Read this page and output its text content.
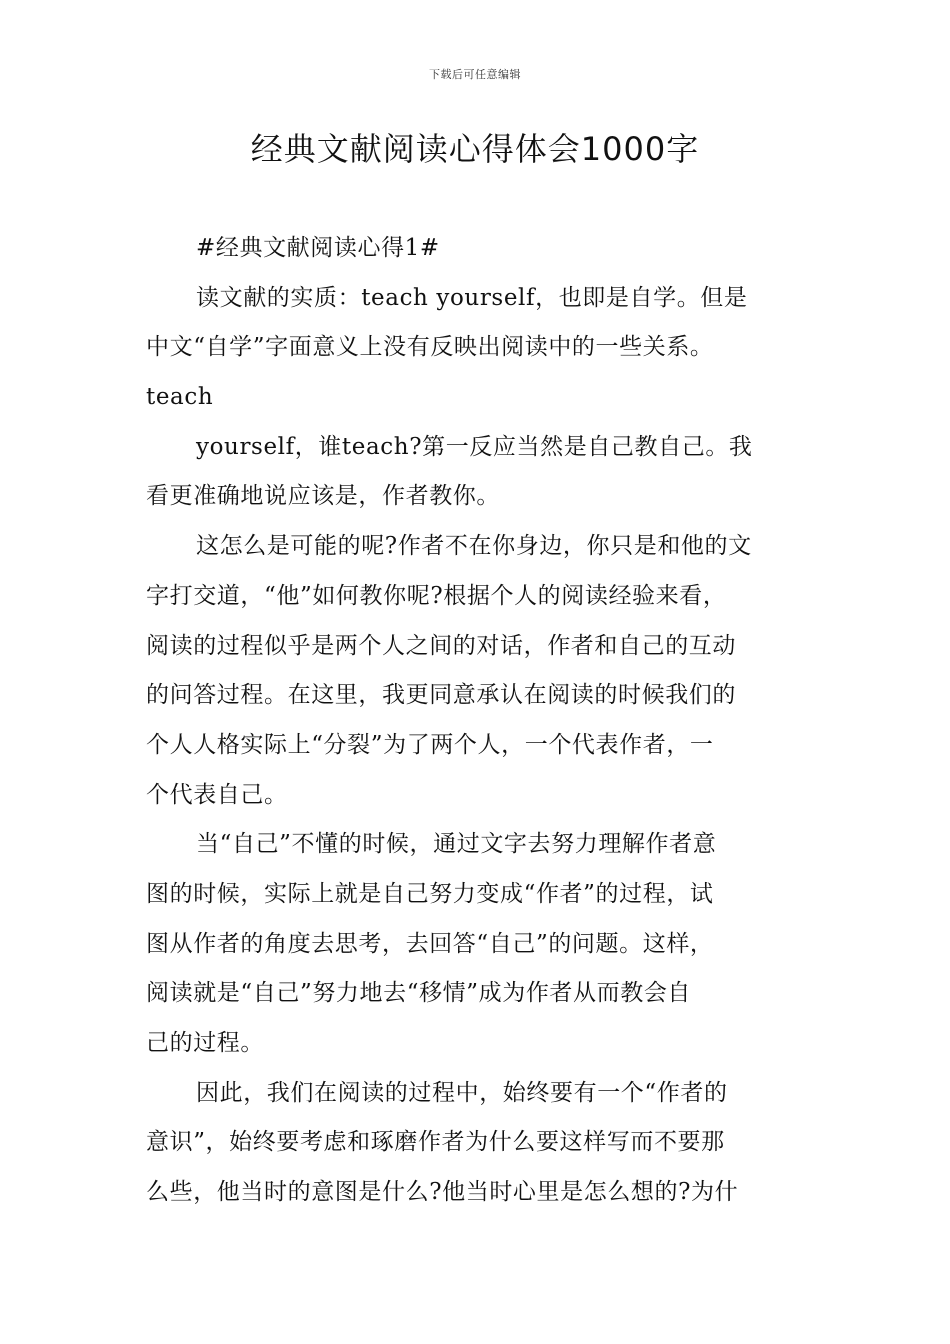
下载后可任意编辑
经典文献阅读心得体会1000字
#经典文献阅读心得1#
读文献的实质：teach yourself，也即是自学。但是
中文“自学”字面意义上没有反映出阅读中的一些关系。
teach
yourself，谁teach?第一反应当然是自己教自己。我
看更准确地说应该是，作者教你。
这怎么是可能的呢?作者不在你身边，你只是和他的文
字打交道，“他”如何教你呢?根据个人的阅读经验来看，
阅读的过程似乎是两个人之间的对话，作者和自己的互动
的问答过程。在这里，我更同意承认在阅读的时候我们的
个人人格实际上“分裂”为了两个人，一个代表作者，一
个代表自己。
当“自己”不懂的时候，通过文字去努力理解作者意
图的时候，实际上就是自己努力变成“作者”的过程，试
图从作者的角度去思考，去回答“自己”的问题。这样，
阅读就是“自己”努力地去“移情”成为作者从而教会自
己的过程。
因此，我们在阅读的过程中，始终要有一个“作者的
意识”，始终要考虑和琢磨作者为什么要这样写而不要那
么些，他当时的意图是什么?他当时心里是怎么想的?为什
